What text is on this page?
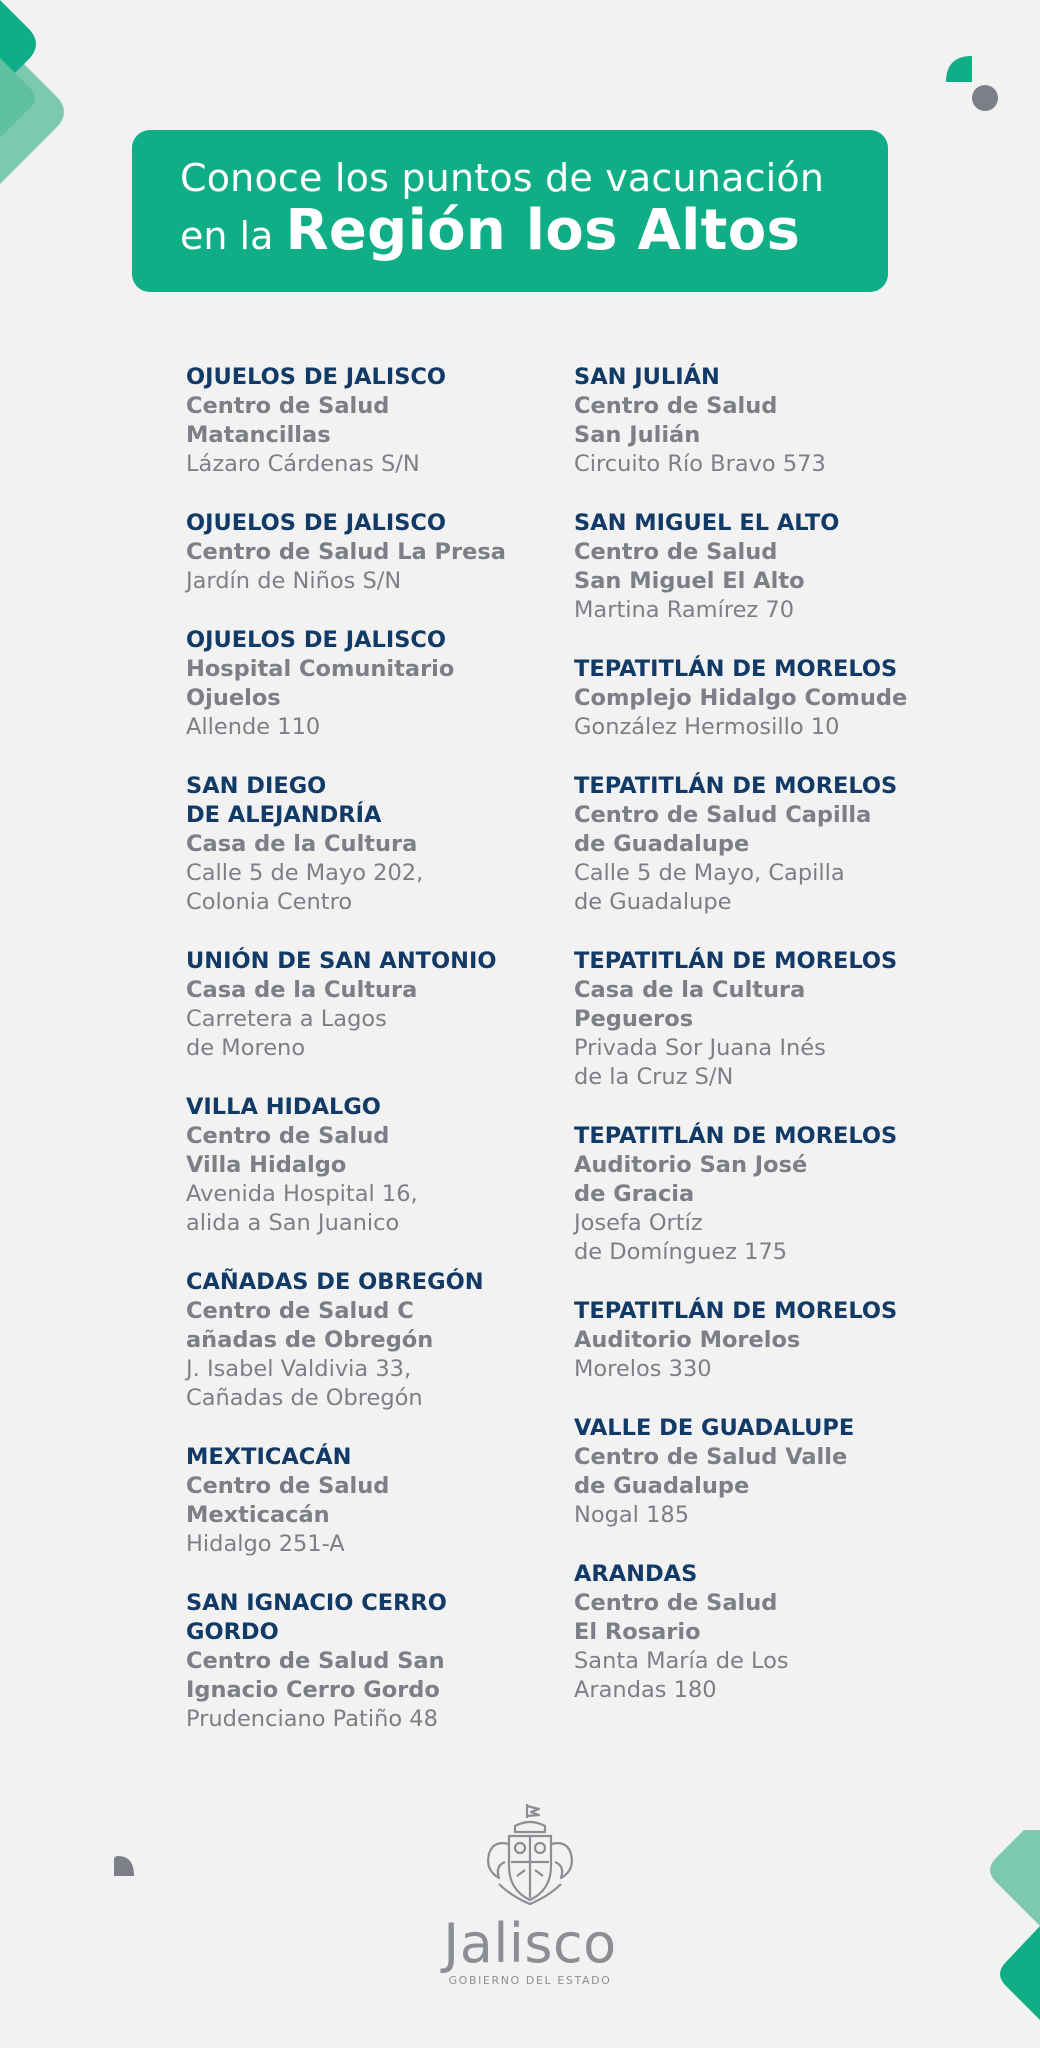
Conoce los puntos de vacunación
en la Región los Altos
OJUELOS DE JALISCO
Centro de Salud
Matancillas
Lázaro Cárdenas S/N
OJUELOS DE JALISCO
Centro de Salud La Presa
Jardín de Niños S/N
OJUELOS DE JALISCO
Hospital Comunitario
Ojuelos
Allende 110
SAN DIEGO
DE ALEJANDRÍA
Casa de la Cultura
Calle 5 de Mayo 202,
Colonia Centro
UNIÓN DE SAN ANTONIO
Casa de la Cultura
Carretera a Lagos
de Moreno
VILLA HIDALGO
Centro de Salud
Villa Hidalgo
Avenida Hospital 16,
alida a San Juanico
CAÑADAS DE OBREGÓN
Centro de Salud C
añadas de Obregón
J. Isabel Valdivia 33,
Cañadas de Obregón
MEXTICACÁN
Centro de Salud
Mexticacán
Hidalgo 251-A
SAN IGNACIO CERRO
GORDO
Centro de Salud San
Ignacio Cerro Gordo
Prudenciano Patiño 48
SAN JULIÁN
Centro de Salud
San Julián
Circuito Río Bravo 573
SAN MIGUEL EL ALTO
Centro de Salud
San Miguel El Alto
Martina Ramírez 70
TEPATITLÁN DE MORELOS
Complejo Hidalgo Comude
González Hermosillo 10
TEPATITLÁN DE MORELOS
Centro de Salud Capilla
de Guadalupe
Calle 5 de Mayo, Capilla
de Guadalupe
TEPATITLÁN DE MORELOS
Casa de la Cultura
Pegueros
Privada Sor Juana Inés
de la Cruz S/N
TEPATITLÁN DE MORELOS
Auditorio San José
de Gracia
Josefa Ortíz
de Domínguez 175
TEPATITLÁN DE MORELOS
Auditorio Morelos
Morelos 330
VALLE DE GUADALUPE
Centro de Salud Valle
de Guadalupe
Nogal 185
ARANDAS
Centro de Salud
El Rosario
Santa María de Los
Arandas 180
Jalisco
GOBIERNO DEL ESTADO
